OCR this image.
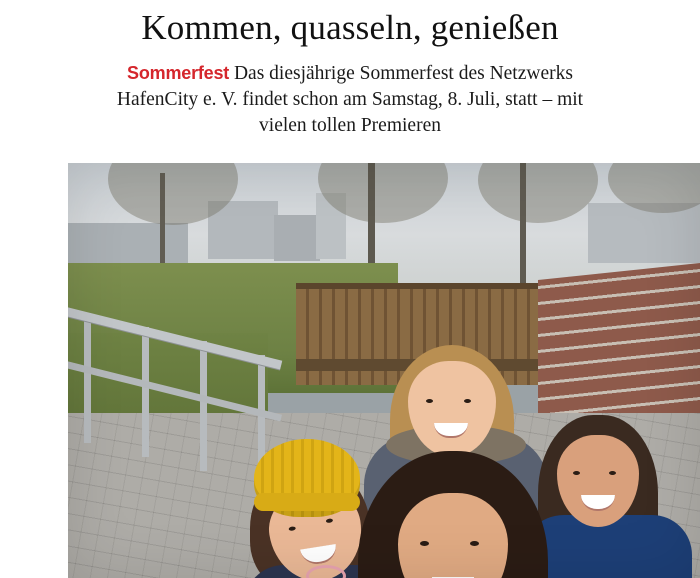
Kommen, quasseln, genießen

Sommerfest Das diesjährige Sommerfest des Netzwerks HafenCity e. V. findet schon am Samstag, 8. Juli, statt – mit vielen tollen Premieren
